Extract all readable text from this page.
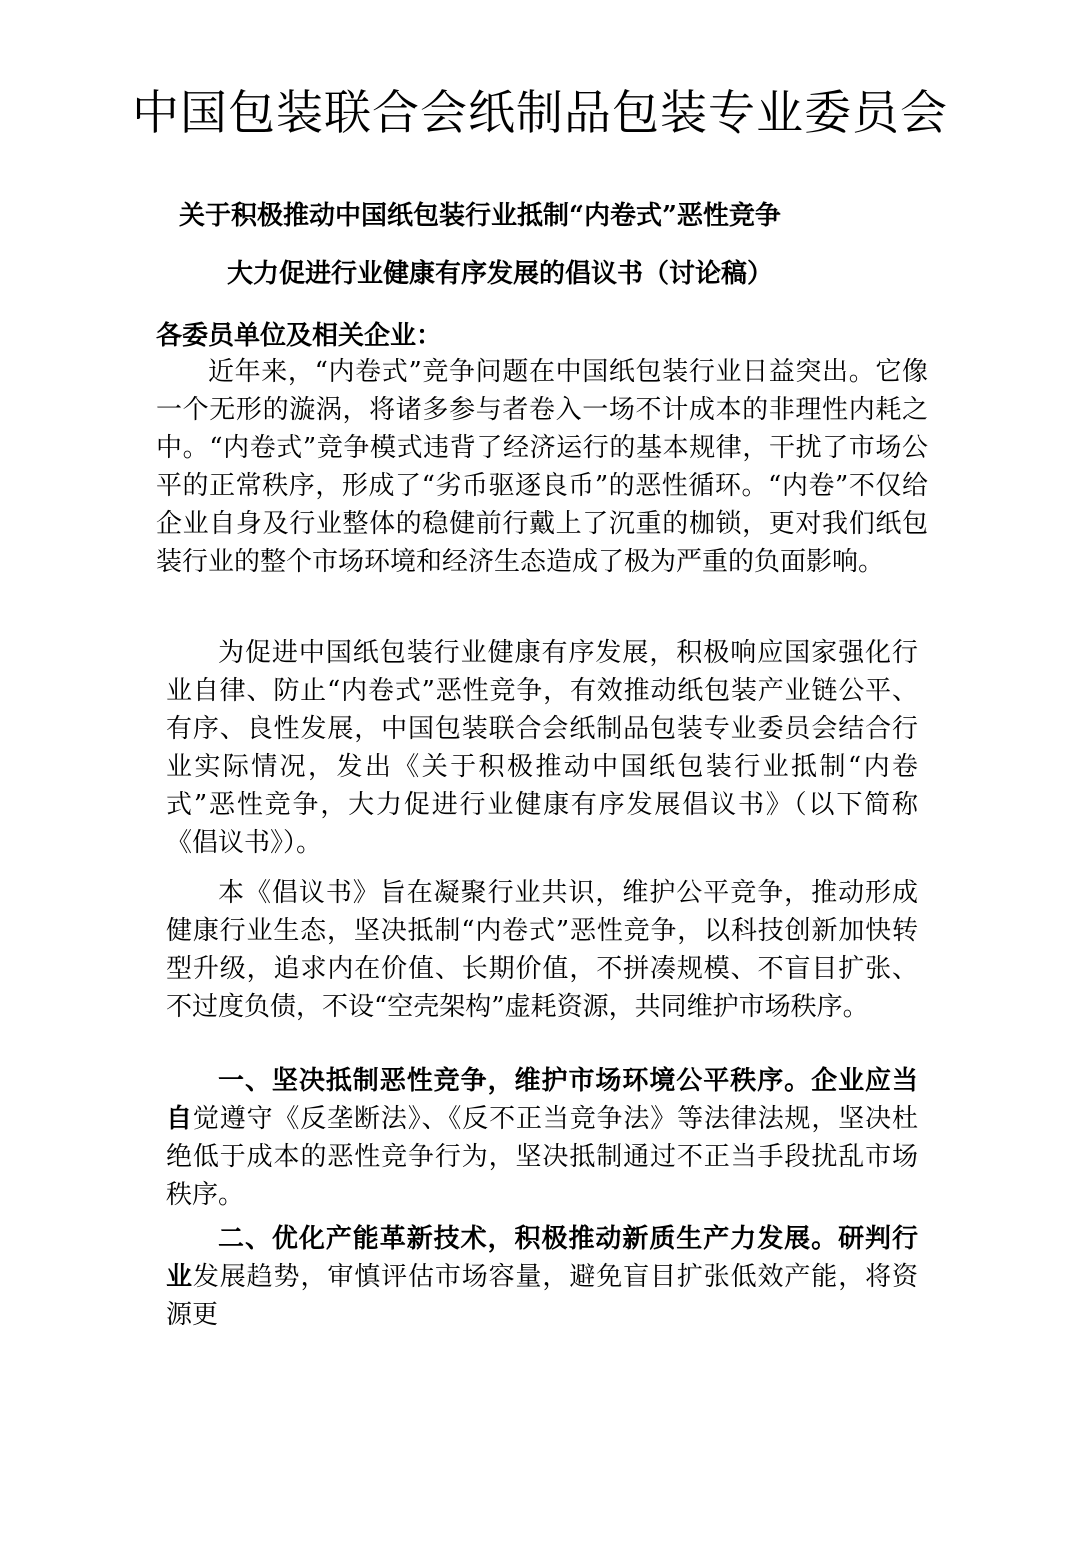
中国包装联合会纸制品包装专业委员会
关于积极推动中国纸包装行业抵制“内卷式”恶性竞争
大力促进行业健康有序发展的倡议书（讨论稿）

各委员单位及相关企业：

近年来，“内卷式”竞争问题在中国纸包装行业日益突出。它像一个无形的漩涡，将诸多参与者卷入一场不计成本的非理性内耗之中。“内卷式”竞争模式违背了经济运行的基本规律，干扰了市场公平的正常秩序，形成了“劣币驱逐良币”的恶性循环。“内卷”不仅给企业自身及行业整体的稳健前行戴上了沉重的枷锁，更对我们纸包装行业的整个市场环境和经济生态造成了极为严重的负面影响。

为促进中国纸包装行业健康有序发展，积极响应国家强化行业自律、防止“内卷式”恶性竞争，有效推动纸包装产业链公平、有序、良性发展，中国包装联合会纸制品包装专业委员会结合行业实际情况，发出《关于积极推动中国纸包装行业抵制“内卷式”恶性竞争，大力促进行业健康有序发展倡议书》（以下简称《倡议书》）。

本《倡议书》旨在凝聚行业共识，维护公平竞争，推动形成健康行业生态，坚决抵制“内卷式”恶性竞争，以科技创新加快转型升级，追求内在价值、长期价值，不拼凑规模、不盲目扩张、不过度负债，不设“空壳架构”虚耗资源，共同维护市场秩序。

一、坚决抵制恶性竞争，维护市场环境公平秩序。企业应当自觉遵守《反垄断法》、《反不正当竞争法》等法律法规，坚决杜绝低于成本的恶性竞争行为，坚决抵制通过不正当手段扰乱市场秩序。

二、优化产能革新技术，积极推动新质生产力发展。研判行业发展趋势，审慎评估市场容量，避免盲目扩张低效产能，将资源更
